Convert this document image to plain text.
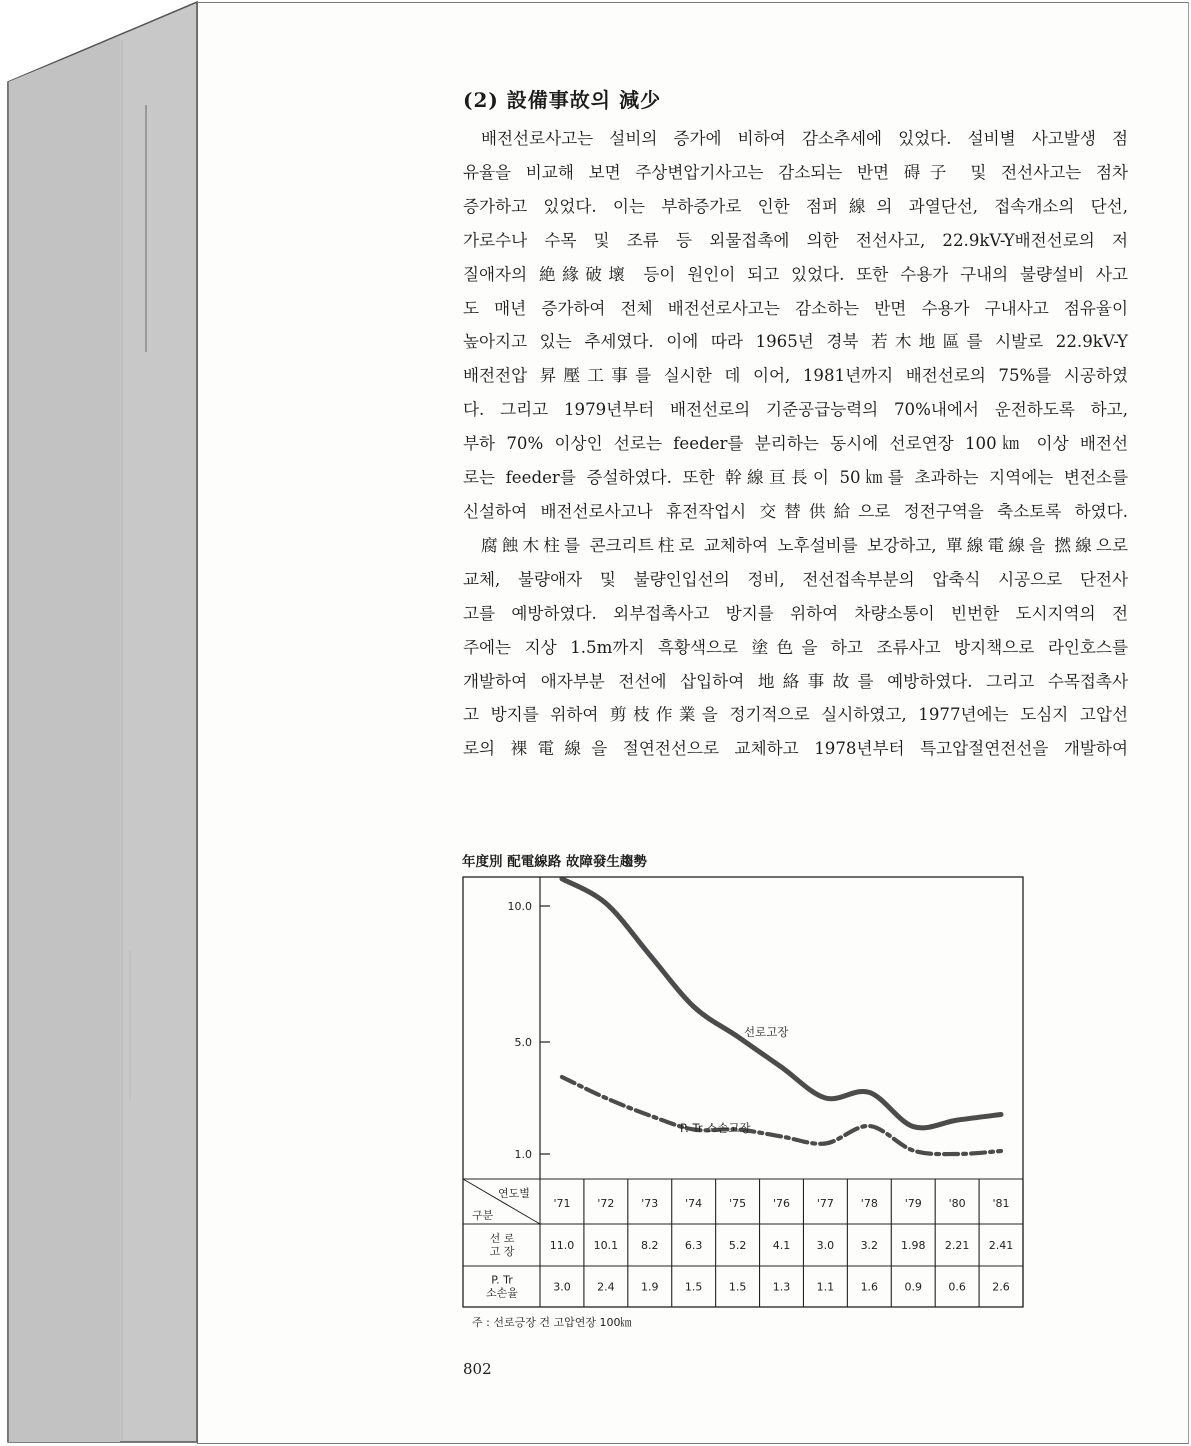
(2) 設備事故의 減少
배전선로사고는 설비의 증가에 비하여 감소추세에 있었다. 설비별 사고발생 점
유율을 비교해 보면 주상변압기사고는 감소되는 반면 碍子 및 전선사고는 점차
증가하고 있었다. 이는 부하증가로 인한 점퍼線의 과열단선, 접속개소의 단선,
가로수나 수목 및 조류 등 외물접촉에 의한 전선사고, 22.9kV-Y배전선로의 저
질애자의 絶緣破壞 등이 원인이 되고 있었다. 또한 수용가 구내의 불량설비 사고
도 매년 증가하여 전체 배전선로사고는 감소하는 반면 수용가 구내사고 점유율이
높아지고 있는 추세였다. 이에 따라 1965년 경북 若木地區를 시발로 22.9kV-Y
배전전압 昇壓工事를 실시한 데 이어, 1981년까지 배전선로의 75%를 시공하였
다. 그리고 1979년부터 배전선로의 기준공급능력의 70%내에서 운전하도록 하고,
부하 70% 이상인 선로는 feeder를 분리하는 동시에 선로연장 100㎞ 이상 배전선
로는 feeder를 증설하였다. 또한 幹線亘長이 50㎞를 초과하는 지역에는 변전소를
신설하여 배전선로사고나 휴전작업시 交替供給으로 정전구역을 축소토록 하였다.
腐蝕木柱를 콘크리트柱로 교체하여 노후설비를 보강하고, 單線電線을 撚線으로
교체, 불량애자 및 불량인입선의 정비, 전선접속부분의 압축식 시공으로 단전사
고를 예방하였다. 외부접촉사고 방지를 위하여 차량소통이 빈번한 도시지역의 전
주에는 지상 1.5m까지 흑황색으로 塗色을 하고 조류사고 방지책으로 라인호스를
개발하여 애자부분 전선에 삽입하여 地絡事故를 예방하였다. 그리고 수목접촉사
고 방지를 위하여 剪枝作業을 정기적으로 실시하였고, 1977년에는 도심지 고압선
로의 裸電線을 절연전선으로 교체하고 1978년부터 특고압절연전선을 개발하여
年度別 配電線路 故障發生趨勢
10.0
5.0
1.0
선로고장
P. Tr 소손고장
연도별
구분
'71 '72 '73 '74 '75 '76 '77 '78 '79 '80 '81
선 로
고 장	11.0 10.1 8.2 6.3 5.2 4.1 3.0 3.2 1.98 2.21 2.41
P. Tr
소손율	3.0 2.4 1.9 1.5 1.5 1.3 1.1 1.6 0.9 0.6 2.6
주 : 선로긍장 건 고압연장 100㎞
802
